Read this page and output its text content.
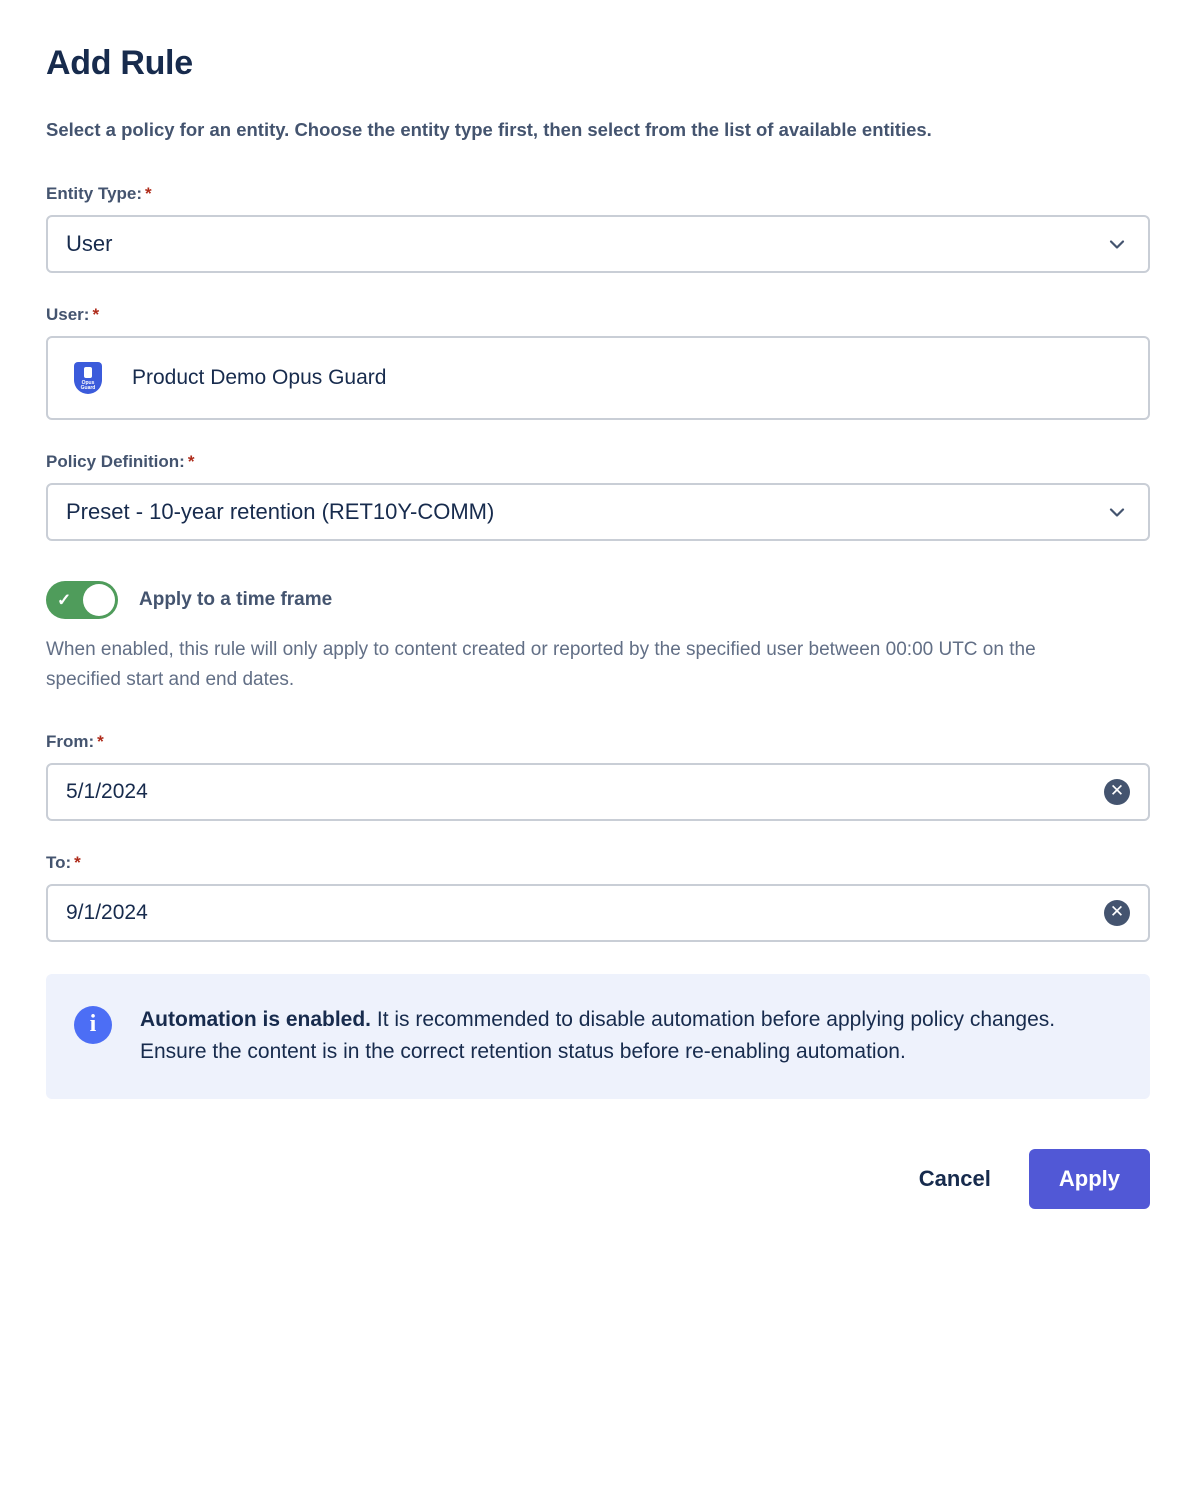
Add Rule

Select a policy for an entity. Choose the entity type first, then select from the list of available entities.

Entity Type: *
User
User: *
Opus
Guard Product Demo Opus Guard
Policy Definition: *
Preset - 10-year retention (RET10Y-COMM)
✓	Apply to a time frame

When enabled, this rule will only apply to content created or reported by the specified user between 00:00 UTC on the specified start and end dates.

From: *
5/1/2024	✕
To: *
9/1/2024	✕
i	Automation is enabled. It is recommended to disable automation before applying policy changes. Ensure the content is in the correct retention status before re-enabling automation.
Cancel	Apply
